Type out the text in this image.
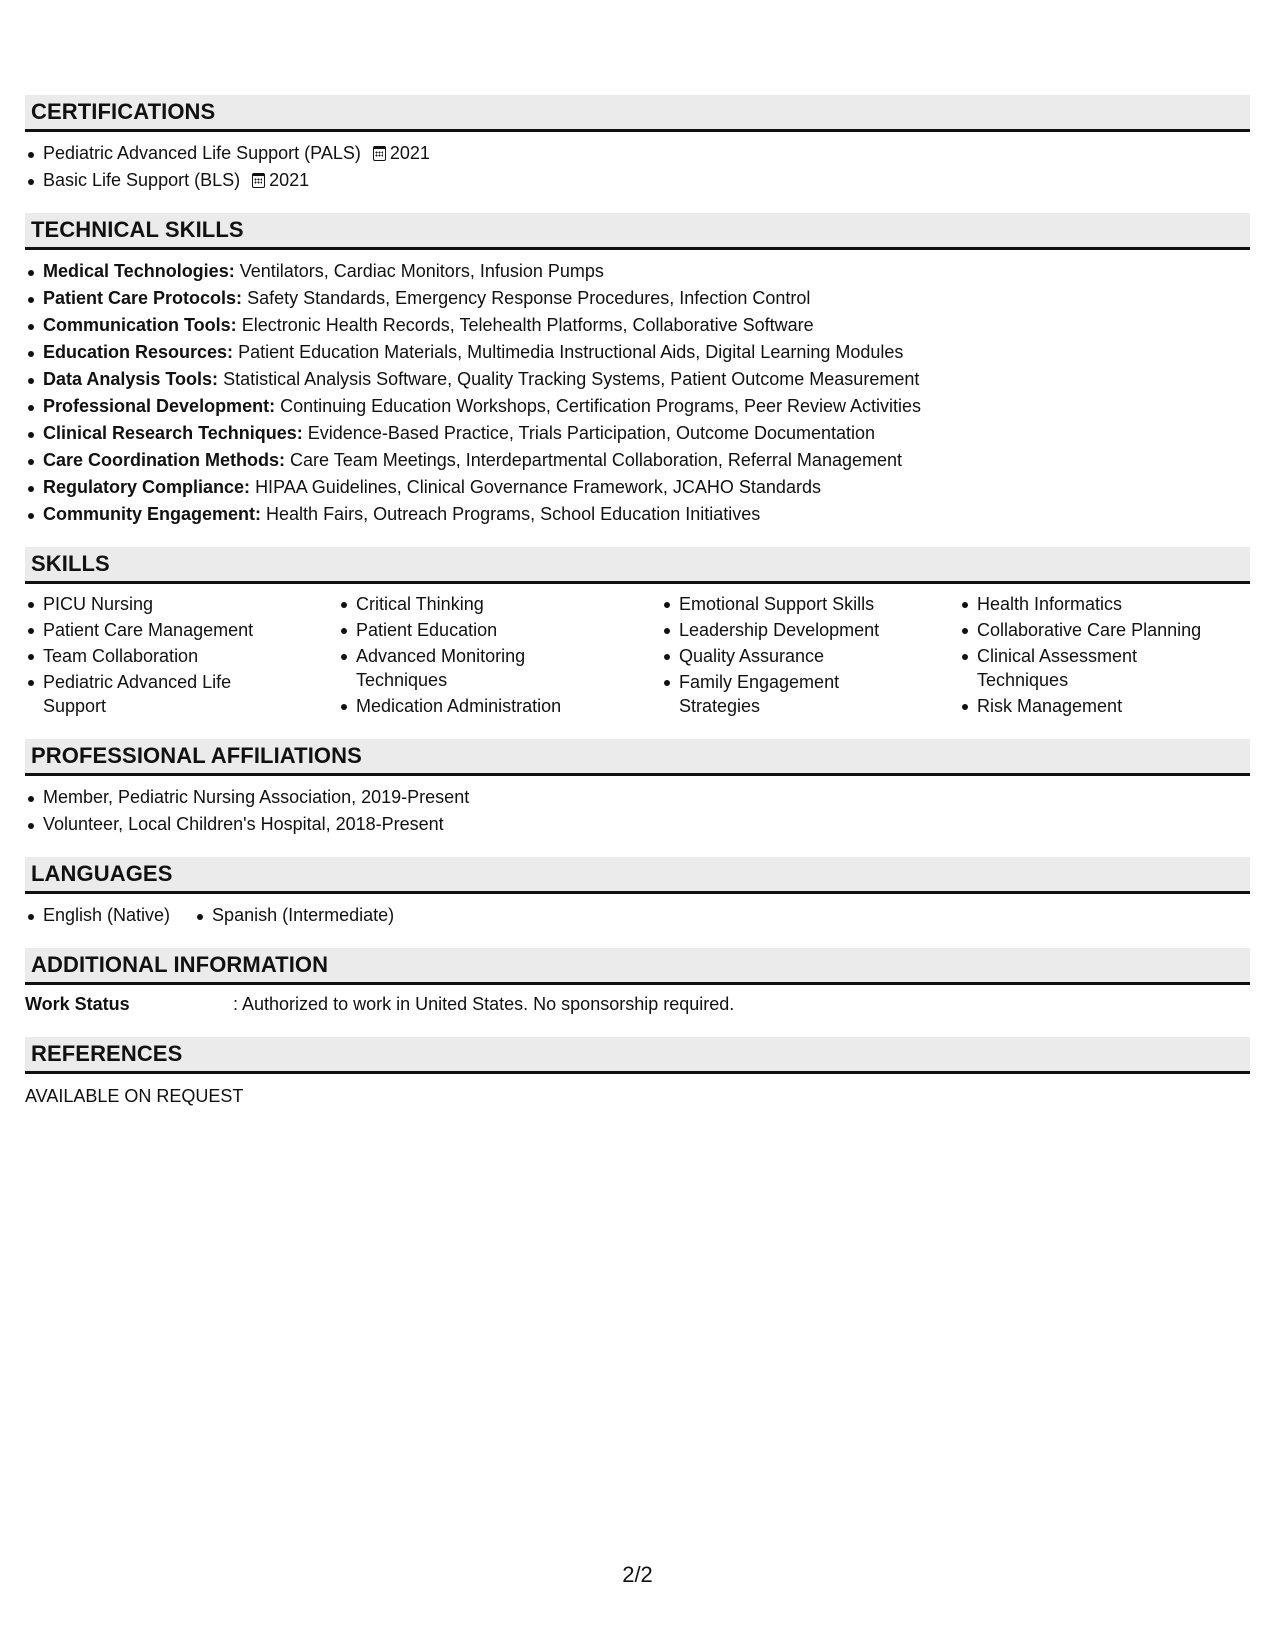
CERTIFICATIONS
Pediatric Advanced Life Support (PALS) 2021
Basic Life Support (BLS) 2021
TECHNICAL SKILLS
Medical Technologies: Ventilators, Cardiac Monitors, Infusion Pumps
Patient Care Protocols: Safety Standards, Emergency Response Procedures, Infection Control
Communication Tools: Electronic Health Records, Telehealth Platforms, Collaborative Software
Education Resources: Patient Education Materials, Multimedia Instructional Aids, Digital Learning Modules
Data Analysis Tools: Statistical Analysis Software, Quality Tracking Systems, Patient Outcome Measurement
Professional Development: Continuing Education Workshops, Certification Programs, Peer Review Activities
Clinical Research Techniques: Evidence-Based Practice, Trials Participation, Outcome Documentation
Care Coordination Methods: Care Team Meetings, Interdepartmental Collaboration, Referral Management
Regulatory Compliance: HIPAA Guidelines, Clinical Governance Framework, JCAHO Standards
Community Engagement: Health Fairs, Outreach Programs, School Education Initiatives
SKILLS
PICU Nursing
Patient Care Management
Team Collaboration
Pediatric Advanced Life Support
Critical Thinking
Patient Education
Advanced Monitoring Techniques
Medication Administration
Emotional Support Skills
Leadership Development
Quality Assurance
Family Engagement Strategies
Health Informatics
Collaborative Care Planning
Clinical Assessment Techniques
Risk Management
PROFESSIONAL AFFILIATIONS
Member, Pediatric Nursing Association, 2019-Present
Volunteer, Local Children's Hospital, 2018-Present
LANGUAGES
English (Native)	Spanish (Intermediate)
ADDITIONAL INFORMATION
Work Status	: Authorized to work in United States. No sponsorship required.
REFERENCES
AVAILABLE ON REQUEST
2/2
